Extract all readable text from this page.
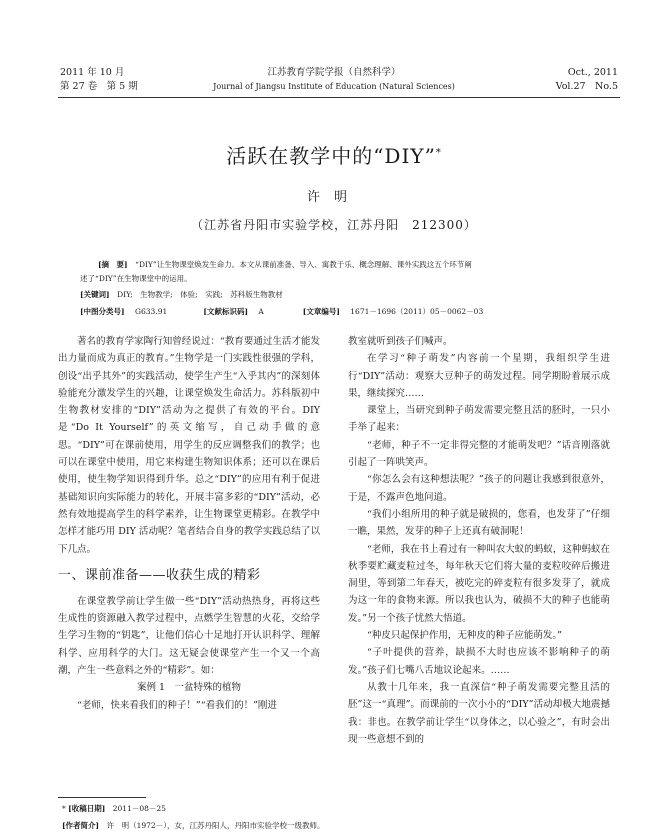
2011 年 10 月
第 27 卷　第 5 期
江苏教育学院学报（自然科学）
Journal of Jiangsu Institute of Education (Natural Sciences)
Oct., 2011
Vol.27　No.5
活跃在教学中的“DIY”*
许明
（江苏省丹阳市实验学校，江苏丹阳　212300）
[摘　要]　 “DIY”让生物课堂焕发生命力。本文从课前准备、导入、寓教于乐、概念理解、课外实践这五个环节阐
述了“DIY”在生物课堂中的运用。
[关键词]　 DIY;　生物教学;　体验;　实践;　苏科版生物教材
[中图分类号] G633.91	[文献标识码] A	[文章编号] 1671－1696（2011）05－0062－03

著名的教育学家陶行知曾经说过：“教育要通过生活才能发出力量而成为真正的教育。”生物学是一门实践性很强的学科，创设“出乎其外”的实践活动，使学生产生“入乎其内”的深刻体验能充分激发学生的兴趣，让课堂焕发生命活力。苏科版初中生物教材安排的“DIY”活动为之提供了有效的平台。DIY 是“Do It Yourself”的英文缩写，自己动手做的意思。“DIY”可在课前使用，用学生的反应调整我们的教学；也可以在课堂中使用，用它来构建生物知识体系；还可以在课后使用，使生物学知识得到升华。总之“DIY”的应用有利于促进基础知识向实际能力的转化，开展丰富多彩的“DIY”活动，必然有效地提高学生的科学素养，让生物课堂更精彩。在教学中怎样才能巧用 DIY 活动呢？笔者结合自身的教学实践总结了以下几点。

一、课前准备——收获生成的精彩

在课堂教学前让学生做一些“DIY”活动热热身，再将这些生成性的资源融入教学过程中，点燃学生智慧的火花，交给学生学习生物的“钥匙”，让他们信心十足地打开认识科学、理解科学、应用科学的大门。这无疑会使课堂产生一个又一个高潮，产生一些意料之外的“精彩”。如：

案例 1　一盆特殊的植物

“老师，快来看我们的种子！”“看我们的！”刚进

教室就听到孩子们喊声。

在学习“种子萌发”内容前一个星期，我组织学生进行“DIY”活动：观察大豆种子的萌发过程。同学期盼着展示成果，继续探究……

课堂上，当研究到种子萌发需要完整且活的胚时，一只小手举了起来：

“老师，种子不一定非得完整的才能萌发吧？”话音刚落就引起了一阵哄笑声。

“你怎么会有这种想法呢？”孩子的问题让我感到很意外，于是，不露声色地问道。

“我们小组所用的种子就是破损的，您看，也发芽了”仔细一瞧，果然，发芽的种子上还真有破洞呢！

“老师，我在书上看过有一种叫农大蚁的蚂蚁，这种蚂蚁在秋季要贮藏麦粒过冬，每年秋天它们将大量的麦粒咬碎后搬进洞里，等到第二年春天，被吃完的碎麦粒有很多发芽了，就成为这一年的食物来源。所以我也认为，破损不大的种子也能萌发。”另一个孩子忧然大悟道。

“种皮只起保护作用，无种皮的种子应能萌发。”

“子叶提供的营养，缺损不大时也应该不影响种子的萌发。”孩子们七嘴八舌地议论起来。……

从教十几年来，我一直深信“种子萌发需要完整且活的胚”这一“真理”。而课前的一次小小的“DIY”活动却极大地震撼我：非也。在教学前让学生“以身体之，以心验之”，有时会出现一些意想不到的

* [收稿日期]　 2011－08－25
[作者简介]　 许　明（1972－），女，江苏丹阳人，丹阳市实验学校一级教师。
